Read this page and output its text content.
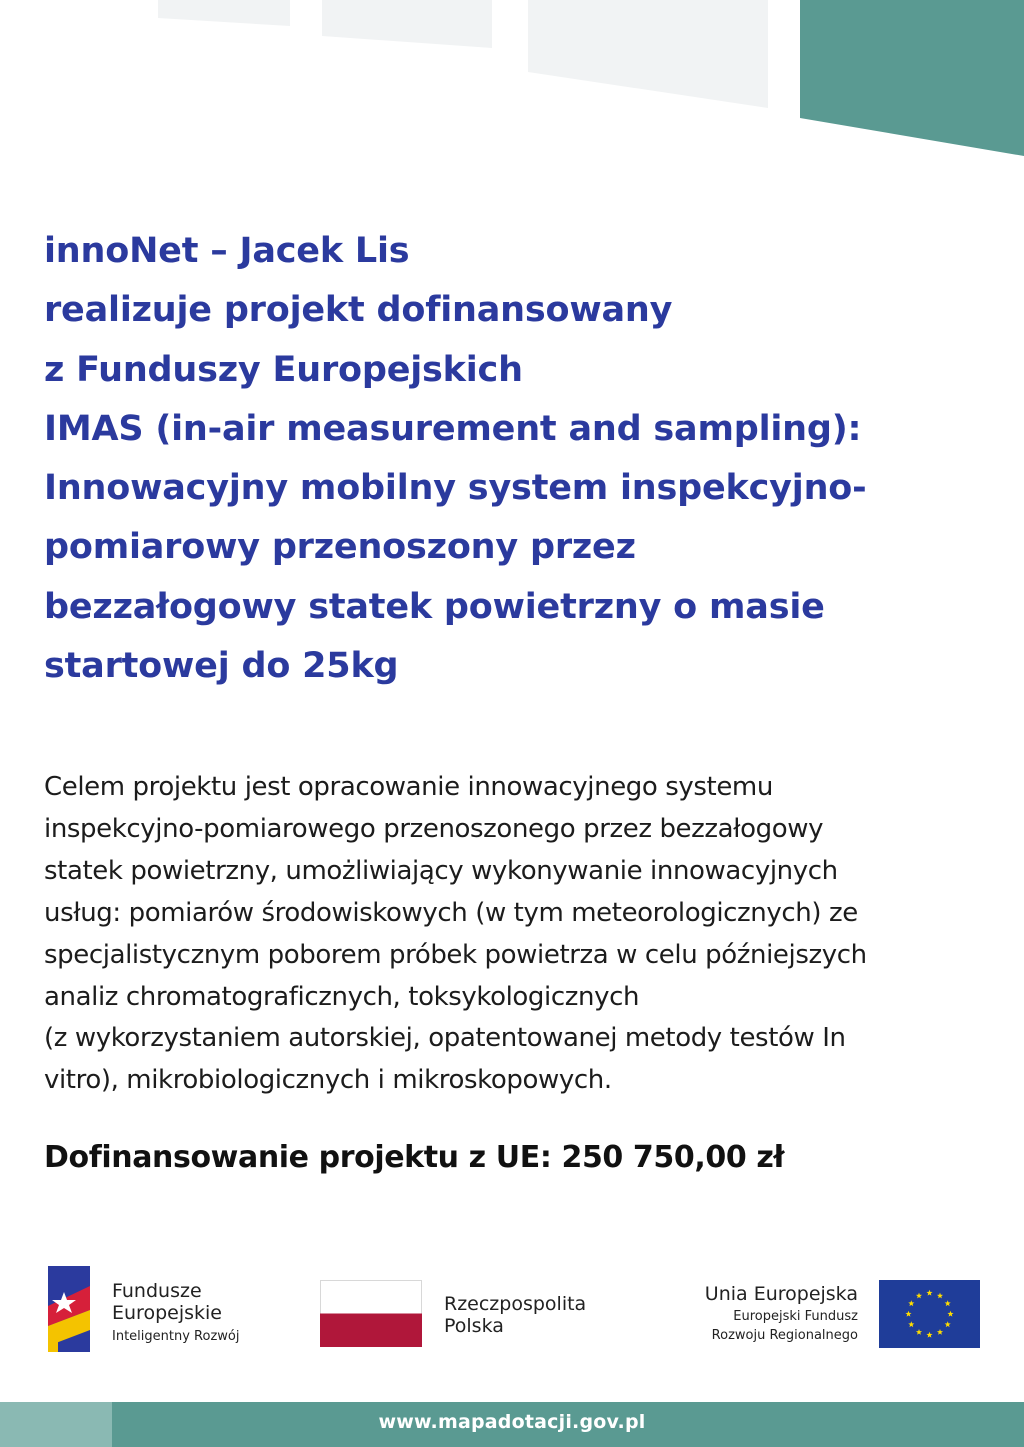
innoNet – Jacek Lis
realizuje projekt dofinansowany
z Funduszy Europejskich
IMAS (in-air measurement and sampling):
Innowacyjny mobilny system inspekcyjno-
pomiarowy przenoszony przez
bezzałogowy statek powietrzny o masie
startowej do 25kg

Celem projektu jest opracowanie innowacyjnego systemu
inspekcyjno-pomiarowego przenoszonego przez bezzałogowy
statek powietrzny, umożliwiający wykonywanie innowacyjnych
usług: pomiarów środowiskowych (w tym meteorologicznych) ze
specjalistycznym poborem próbek powietrza w celu późniejszych
analiz chromatograficznych, toksykologicznych
(z wykorzystaniem autorskiej, opatentowanej metody testów In
vitro), mikrobiologicznych i mikroskopowych.

Dofinansowanie projektu z UE: 250 750,00 zł

Fundusze
Europejskie
Inteligentny Rozwój
Rzeczpospolita
Polska
Unia Europejska
Europejski Fundusz
Rozwoju Regionalnego
www.mapadotacji.gov.pl
